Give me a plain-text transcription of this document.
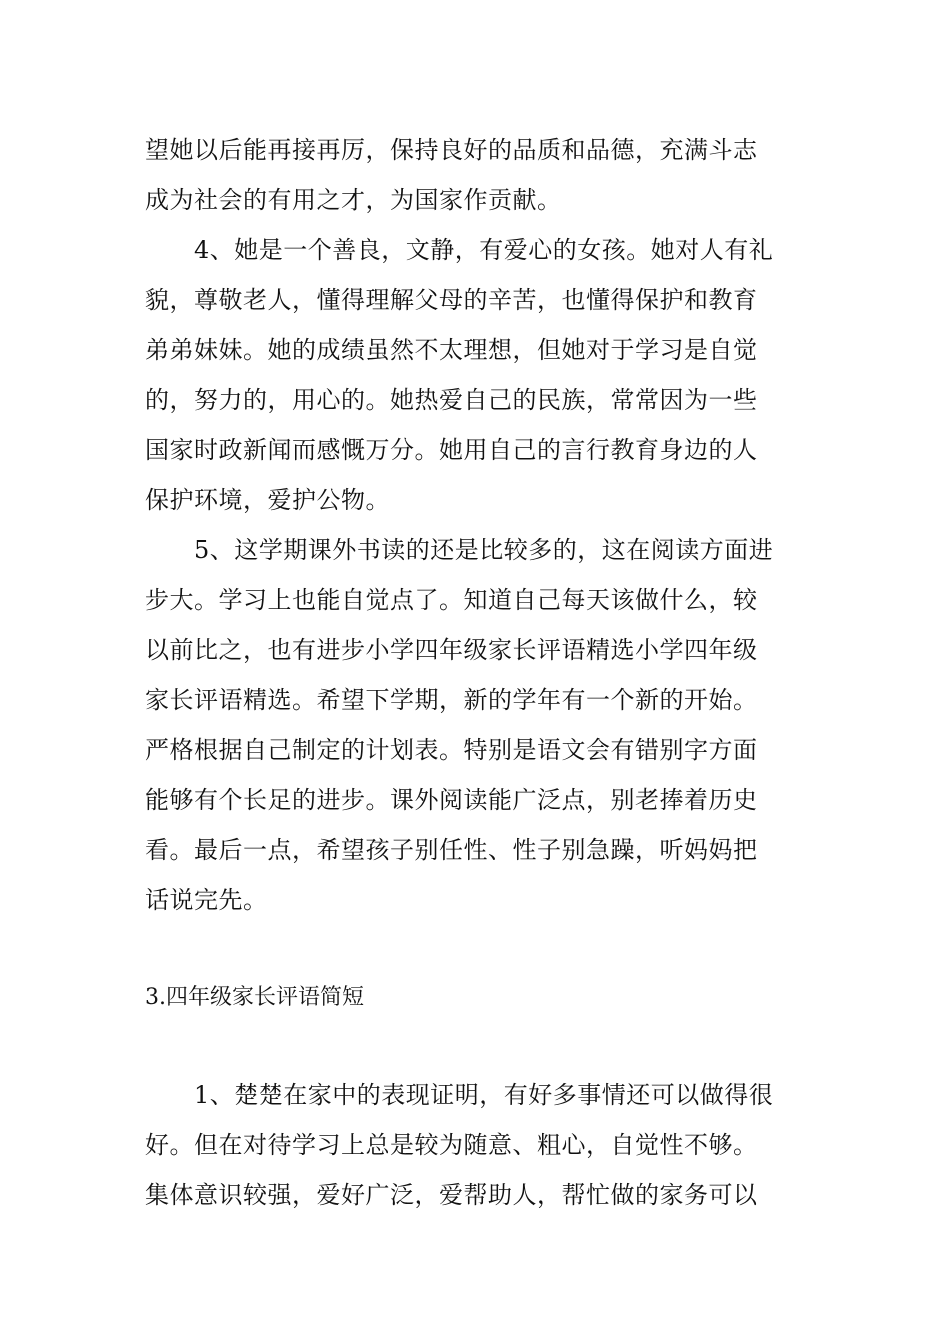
望她以后能再接再厉，保持良好的品质和品德，充满斗志
成为社会的有用之才，为国家作贡献。
　　4、她是一个善良，文静，有爱心的女孩。她对人有礼
貌，尊敬老人，懂得理解父母的辛苦，也懂得保护和教育
弟弟妹妹。她的成绩虽然不太理想，但她对于学习是自觉
的，努力的，用心的。她热爱自己的民族，常常因为一些
国家时政新闻而感慨万分。她用自己的言行教育身边的人
保护环境，爱护公物。
　　5、这学期课外书读的还是比较多的，这在阅读方面进
步大。学习上也能自觉点了。知道自己每天该做什么，较
以前比之，也有进步小学四年级家长评语精选小学四年级
家长评语精选。希望下学期，新的学年有一个新的开始。
严格根据自己制定的计划表。特别是语文会有错别字方面
能够有个长足的进步。课外阅读能广泛点，别老捧着历史
看。最后一点，希望孩子别任性、性子别急躁，听妈妈把
话说完先。
3.四年级家长评语简短
　　1、楚楚在家中的表现证明，有好多事情还可以做得很
好。但在对待学习上总是较为随意、粗心，自觉性不够。
集体意识较强，爱好广泛，爱帮助人，帮忙做的家务可以
